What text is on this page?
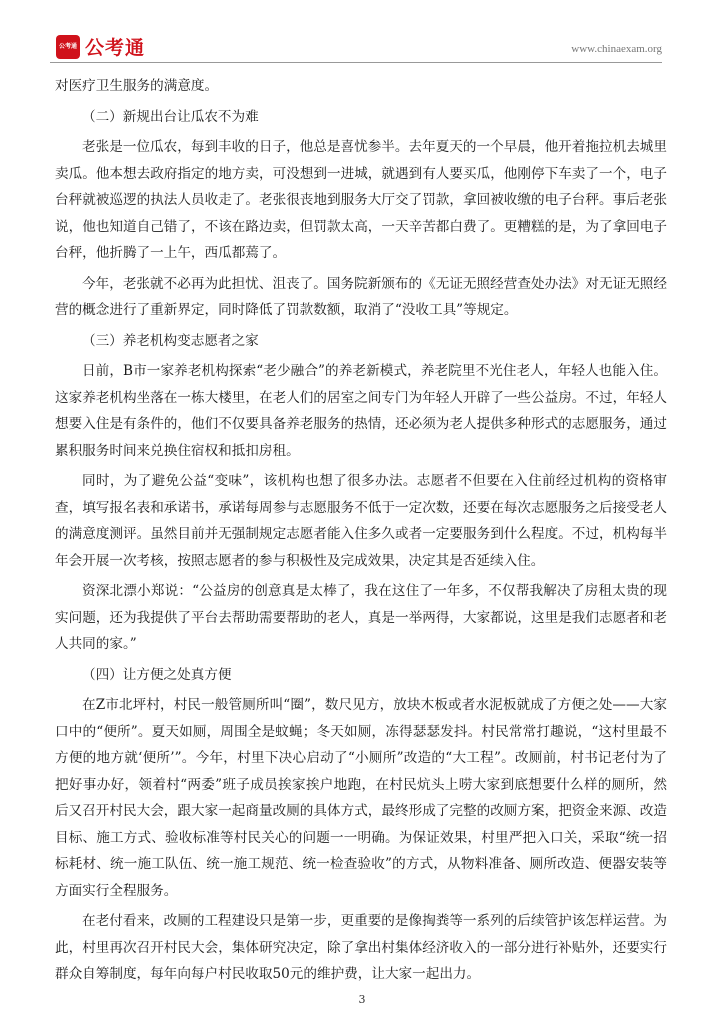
公考通 公考通	www.chinaexam.org

对医疗卫生服务的满意度。

（二）新规出台让瓜农不为难

老张是一位瓜农，每到丰收的日子，他总是喜忧参半。去年夏天的一个早晨，他开着拖拉机去城里卖瓜。他本想去政府指定的地方卖，可没想到一进城，就遇到有人要买瓜，他刚停下车卖了一个，电子台秤就被巡逻的执法人员收走了。老张很丧地到服务大厅交了罚款，拿回被收缴的电子台秤。事后老张说，他也知道自己错了，不该在路边卖，但罚款太高，一天辛苦都白费了。更糟糕的是，为了拿回电子台秤，他折腾了一上午，西瓜都蔫了。

今年，老张就不必再为此担忧、沮丧了。国务院新颁布的《无证无照经营查处办法》对无证无照经营的概念进行了重新界定，同时降低了罚款数额，取消了“没收工具”等规定。

（三）养老机构变志愿者之家

日前，B市一家养老机构探索“老少融合”的养老新模式，养老院里不光住老人，年轻人也能入住。这家养老机构坐落在一栋大楼里，在老人们的居室之间专门为年轻人开辟了一些公益房。不过，年轻人想要入住是有条件的，他们不仅要具备养老服务的热情，还必须为老人提供多种形式的志愿服务，通过累积服务时间来兑换住宿权和抵扣房租。

同时，为了避免公益“变味”，该机构也想了很多办法。志愿者不但要在入住前经过机构的资格审查，填写报名表和承诺书，承诺每周参与志愿服务不低于一定次数，还要在每次志愿服务之后接受老人的满意度测评。虽然目前并无强制规定志愿者能入住多久或者一定要服务到什么程度。不过，机构每半年会开展一次考核，按照志愿者的参与积极性及完成效果，决定其是否延续入住。

资深北漂小郑说：“公益房的创意真是太棒了，我在这住了一年多，不仅帮我解决了房租太贵的现实问题，还为我提供了平台去帮助需要帮助的老人，真是一举两得，大家都说，这里是我们志愿者和老人共同的家。”

（四）让方便之处真方便

在Z市北坪村，村民一般管厕所叫“圈”，数尺见方，放块木板或者水泥板就成了方便之处——大家口中的“便所”。夏天如厕，周围全是蚊蝇；冬天如厕，冻得瑟瑟发抖。村民常常打趣说，“这村里最不方便的地方就‘便所’”。今年，村里下决心启动了“小厕所”改造的“大工程”。改厕前，村书记老付为了把好事办好，领着村“两委”班子成员挨家挨户地跑，在村民炕头上唠大家到底想要什么样的厕所，然后又召开村民大会，跟大家一起商量改厕的具体方式，最终形成了完整的改厕方案，把资金来源、改造目标、施工方式、验收标准等村民关心的问题一一明确。为保证效果，村里严把入口关，采取“统一招标耗材、统一施工队伍、统一施工规范、统一检查验收”的方式，从物料准备、厕所改造、便器安装等方面实行全程服务。

在老付看来，改厕的工程建设只是第一步，更重要的是像掏粪等一系列的后续管护该怎样运营。为此，村里再次召开村民大会，集体研究决定，除了拿出村集体经济收入的一部分进行补贴外，还要实行群众自筹制度，每年向每户村民收取50元的维护费，让大家一起出力。

3
